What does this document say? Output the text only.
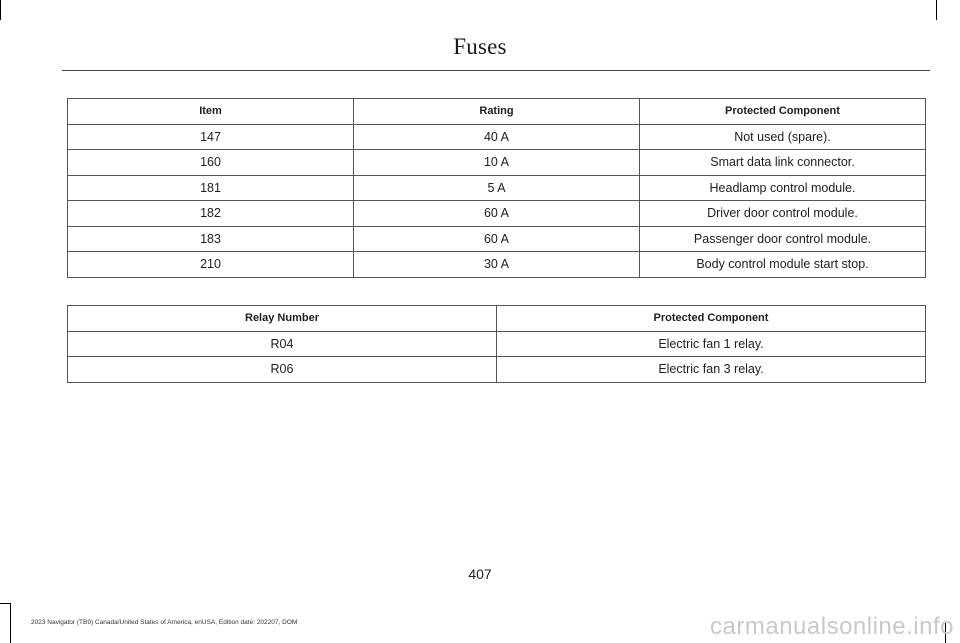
Fuses
Item	Rating	Protected Component
147	40 A	Not used (spare).
160	10 A	Smart data link connector.
181	5 A	Headlamp control module.
182	60 A	Driver door control module.
183	60 A	Passenger door control module.
210	30 A	Body control module start stop.
Relay Number	Protected Component
R04	Electric fan 1 relay.
R06	Electric fan 3 relay.
407
2023 Navigator (TB9) Canada/United States of America, enUSA, Edition date: 202207, DOM	carmanualsonline.info
